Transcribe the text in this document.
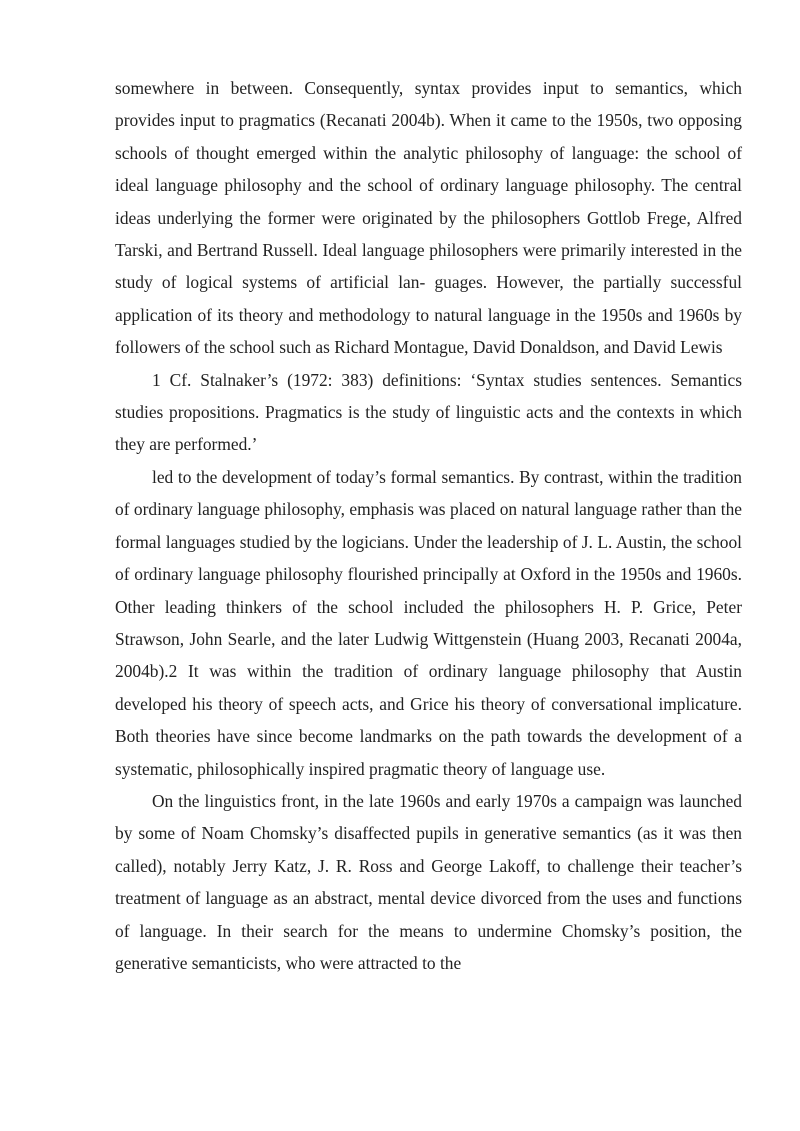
somewhere in between. Consequently, syntax provides input to semantics, which provides input to pragmatics (Recanati 2004b). When it came to the 1950s, two opposing schools of thought emerged within the analytic philosophy of language: the school of ideal language philosophy and the school of ordinary language philosophy. The central ideas underlying the former were originated by the philosophers Gottlob Frege, Alfred Tarski, and Bertrand Russell. Ideal language philosophers were primarily interested in the study of logical systems of artificial lan- guages. However, the partially successful application of its theory and methodology to natural language in the 1950s and 1960s by followers of the school such as Richard Montague, David Donaldson, and David Lewis

1 Cf. Stalnaker’s (1972: 383) definitions: ‘Syntax studies sentences. Semantics studies propositions. Pragmatics is the study of linguistic acts and the contexts in which they are performed.’

led to the development of today’s formal semantics. By contrast, within the tradition of ordinary language philosophy, emphasis was placed on natural language rather than the formal languages studied by the logicians. Under the leadership of J. L. Austin, the school of ordinary language philosophy flourished principally at Oxford in the 1950s and 1960s. Other leading thinkers of the school included the philosophers H. P. Grice, Peter Strawson, John Searle, and the later Ludwig Wittgenstein (Huang 2003, Recanati 2004a, 2004b).2 It was within the tradition of ordinary language philosophy that Austin developed his theory of speech acts, and Grice his theory of conversational implicature. Both theories have since become landmarks on the path towards the development of a systematic, philosophically inspired pragmatic theory of language use.

On the linguistics front, in the late 1960s and early 1970s a campaign was launched by some of Noam Chomsky’s disaffected pupils in generative semantics (as it was then called), notably Jerry Katz, J. R. Ross and George Lakoff, to challenge their teacher’s treatment of language as an abstract, mental device divorced from the uses and functions of language. In their search for the means to undermine Chomsky’s position, the generative semanticists, who were attracted to the
